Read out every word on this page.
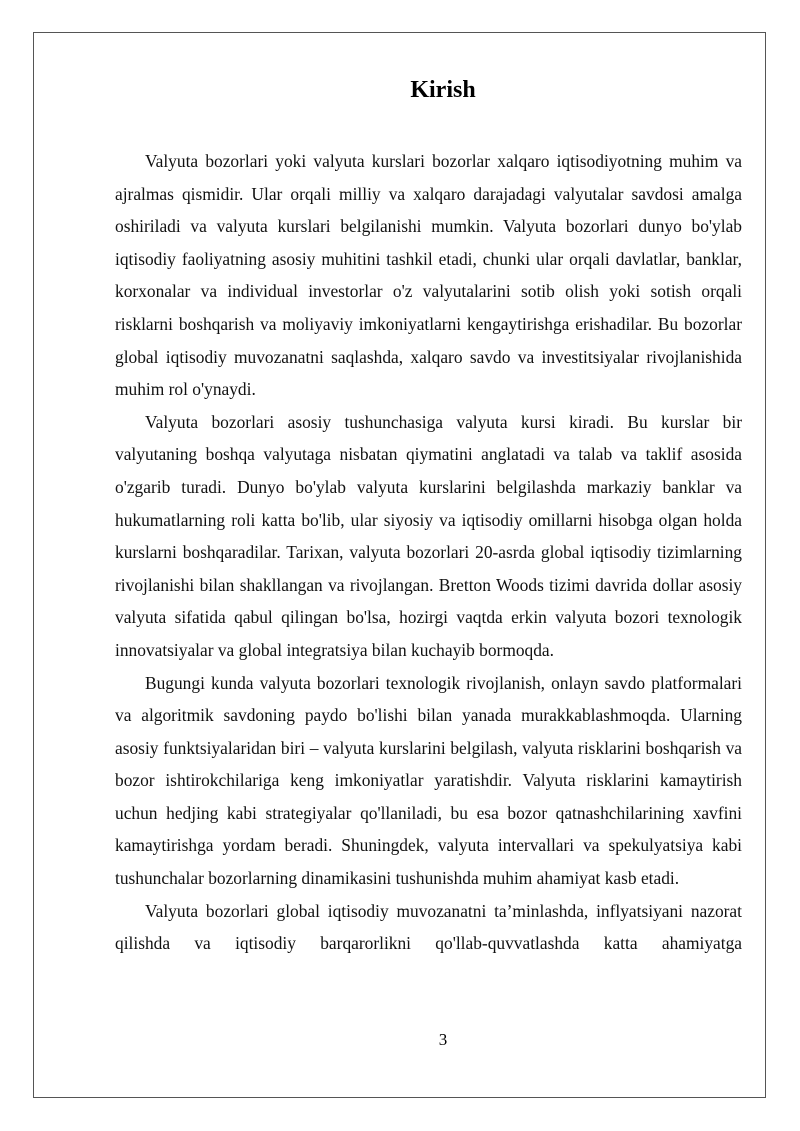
Kirish

Valyuta bozorlari yoki valyuta kurslari bozorlar xalqaro iqtisodiyotning muhim va ajralmas qismidir. Ular orqali milliy va xalqaro darajadagi valyutalar savdosi amalga oshiriladi va valyuta kurslari belgilanishi mumkin. Valyuta bozorlari dunyo bo'ylab iqtisodiy faoliyatning asosiy muhitini tashkil etadi, chunki ular orqali davlatlar, banklar, korxonalar va individual investorlar o'z valyutalarini sotib olish yoki sotish orqali risklarni boshqarish va moliyaviy imkoniyatlarni kengaytirishga erishadilar. Bu bozorlar global iqtisodiy muvozanatni saqlashda, xalqaro savdo va investitsiyalar rivojlanishida muhim rol o'ynaydi.

Valyuta bozorlari asosiy tushunchasiga valyuta kursi kiradi. Bu kurslar bir valyutaning boshqa valyutaga nisbatan qiymatini anglatadi va talab va taklif asosida o'zgarib turadi. Dunyo bo'ylab valyuta kurslarini belgilashda markaziy banklar va hukumatlarning roli katta bo'lib, ular siyosiy va iqtisodiy omillarni hisobga olgan holda kurslarni boshqaradilar. Tarixan, valyuta bozorlari 20-asrda global iqtisodiy tizimlarning rivojlanishi bilan shakllangan va rivojlangan. Bretton Woods tizimi davrida dollar asosiy valyuta sifatida qabul qilingan bo'lsa, hozirgi vaqtda erkin valyuta bozori texnologik innovatsiyalar va global integratsiya bilan kuchayib bormoqda.

Bugungi kunda valyuta bozorlari texnologik rivojlanish, onlayn savdo platformalari va algoritmik savdoning paydo bo'lishi bilan yanada murakkablashmoqda. Ularning asosiy funktsiyalaridan biri – valyuta kurslarini belgilash, valyuta risklarini boshqarish va bozor ishtirokchilariga keng imkoniyatlar yaratishdir. Valyuta risklarini kamaytirish uchun hedjing kabi strategiyalar qo'llaniladi, bu esa bozor qatnashchilarining xavfini kamaytirishga yordam beradi. Shuningdek, valyuta intervallari va spekulyatsiya kabi tushunchalar bozorlarning dinamikasini tushunishda muhim ahamiyat kasb etadi.

Valyuta bozorlari global iqtisodiy muvozanatni ta’minlashda, inflyatsiyani nazorat qilishda va iqtisodiy barqarorlikni qo'llab-quvvatlashda katta ahamiyatga

3
